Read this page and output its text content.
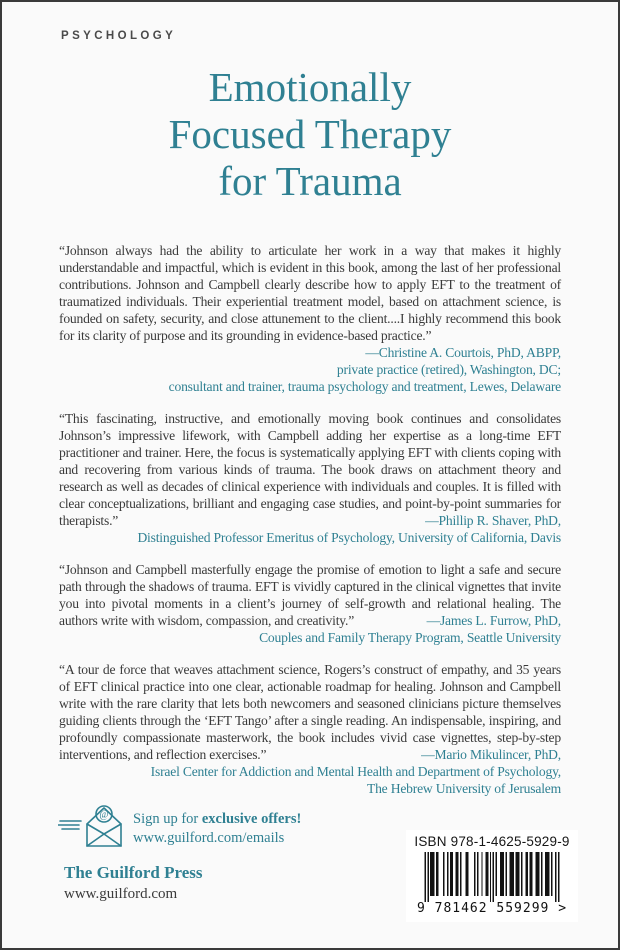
PSYCHOLOGY
Emotionally
Focused Therapy
for Trauma

“Johnson always had the ability to articulate her work in a way that makes it highly understandable and impactful, which is evident in this book, among the last of her professional contributions. Johnson and Campbell clearly describe how to apply EFT to the treatment of traumatized individuals. Their experiential treatment model, based on attachment science, is founded on safety, security, and close attunement to the client....I highly recommend this book for its clarity of purpose and its grounding in evidence-based practice.”
—Christine A. Courtois, PhD, ABPP,

private practice (retired), Washington, DC;
consultant and trainer, trauma psychology and treatment, Lewes, Delaware

“This fascinating, instructive, and emotionally moving book continues and consolidates Johnson’s impressive lifework, with Campbell adding her expertise as a long-time EFT practitioner and trainer. Here, the focus is systematically applying EFT with clients coping with and recovering from various kinds of trauma. The book draws on attachment theory and research as well as decades of clinical experience with individuals and couples. It is filled with clear conceptualizations, brilliant and engaging case studies, and point-by-point summaries for therapists.”	—Phillip R. Shaver, PhD,

Distinguished Professor Emeritus of Psychology, University of California, Davis

“Johnson and Campbell masterfully engage the promise of emotion to light a safe and secure path through the shadows of trauma. EFT is vividly captured in the clinical vignettes that invite you into pivotal moments in a client’s journey of self-growth and relational healing. The authors write with wisdom, compassion, and creativity.”	—James L. Furrow, PhD,

Couples and Family Therapy Program, Seattle University

“A tour de force that weaves attachment science, Rogers’s construct of empathy, and 35 years of EFT clinical practice into one clear, actionable roadmap for healing. Johnson and Campbell write with the rare clarity that lets both newcomers and seasoned clinicians picture themselves guiding clients through the ‘EFT Tango’ after a single reading. An indispensable, inspiring, and profoundly compassionate masterwork, the book includes vivid case vignettes, step-by-step interventions, and reflection exercises.”	—Mario Mikulincer, PhD,

Israel Center for Addiction and Mental Health and Department of Psychology,
The Hebrew University of Jerusalem
@ Sign up for exclusive offers!
www.guilford.com/emails
The Guilford Press
www.guilford.com
ISBN 978-1-4625-5929-9
9 781462 559299 >
